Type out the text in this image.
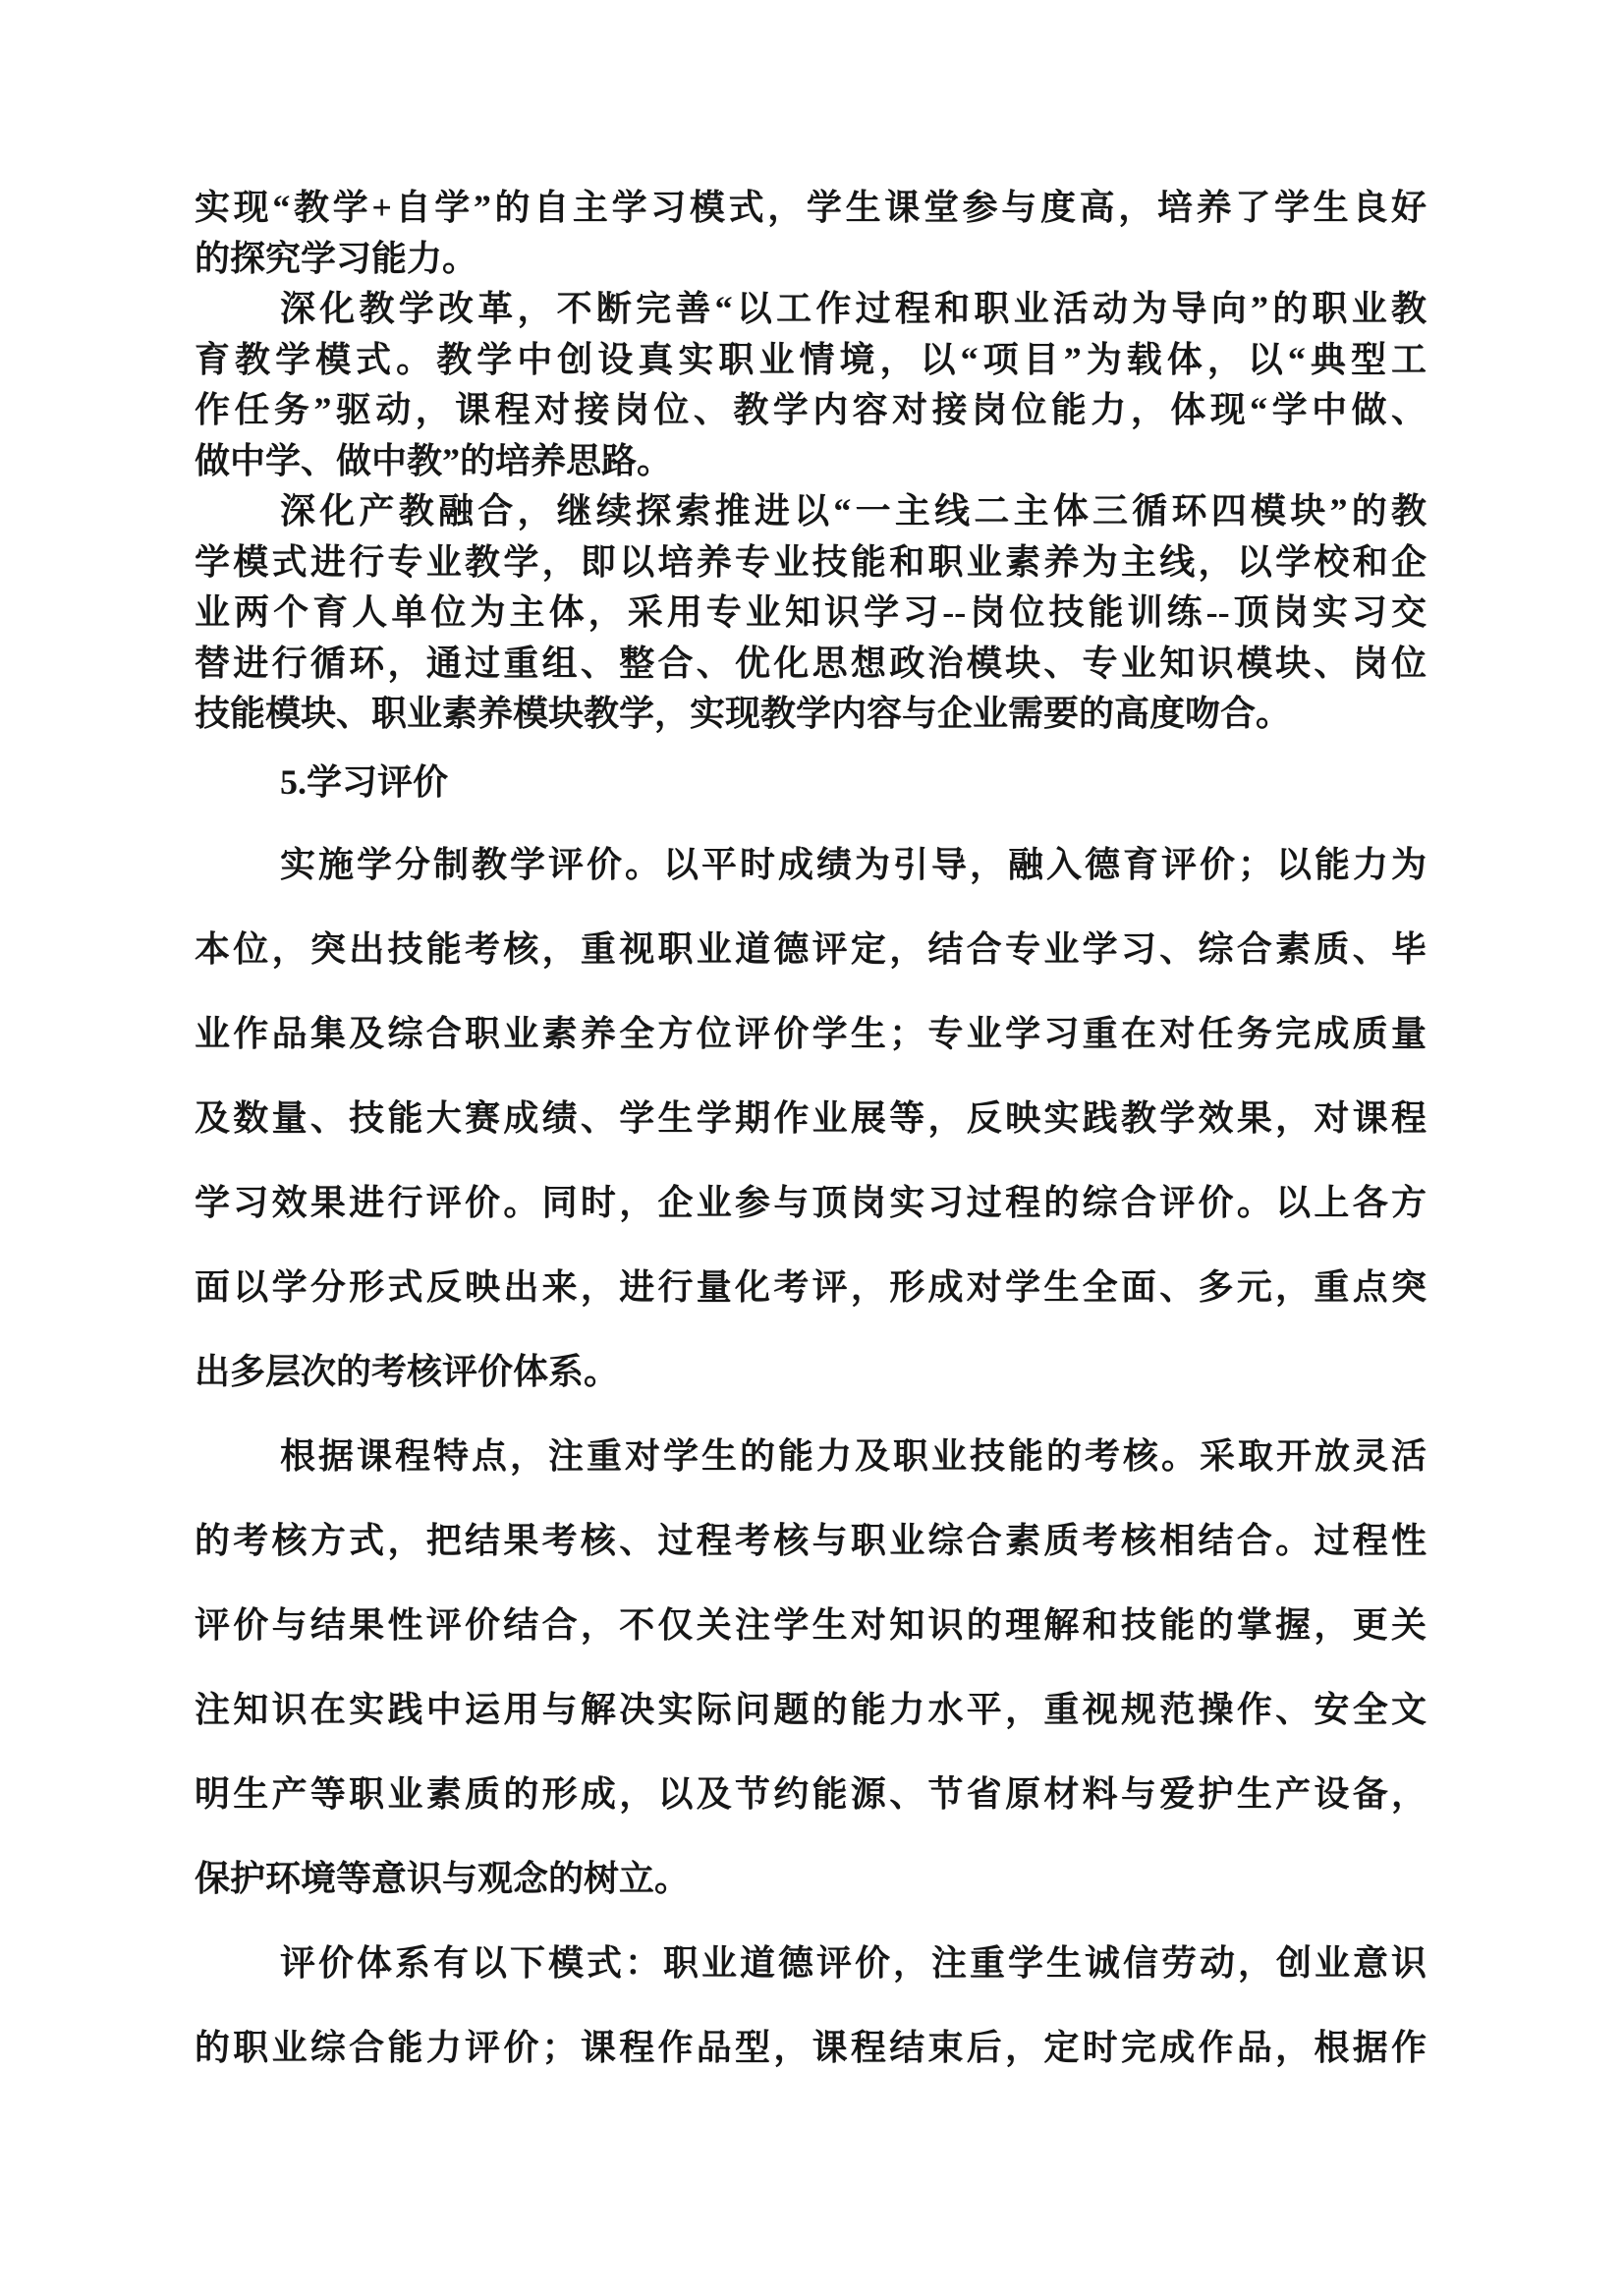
实现“教学+自学”的自主学习模式，学生课堂参与度高，培养了学生良好
的探究学习能力。
深化教学改革，不断完善“以工作过程和职业活动为导向”的职业教
育教学模式。教学中创设真实职业情境，以“项目”为载体，以“典型工
作任务”驱动，课程对接岗位、教学内容对接岗位能力，体现“学中做、
做中学、做中教”的培养思路。
深化产教融合，继续探索推进以“一主线二主体三循环四模块”的教
学模式进行专业教学，即以培养专业技能和职业素养为主线，以学校和企
业两个育人单位为主体，采用专业知识学习--岗位技能训练--顶岗实习交
替进行循环，通过重组、整合、优化思想政治模块、专业知识模块、岗位
技能模块、职业素养模块教学，实现教学内容与企业需要的高度吻合。
5.学习评价
实施学分制教学评价。以平时成绩为引导，融入德育评价；以能力为
本位，突出技能考核，重视职业道德评定，结合专业学习、综合素质、毕
业作品集及综合职业素养全方位评价学生；专业学习重在对任务完成质量
及数量、技能大赛成绩、学生学期作业展等，反映实践教学效果，对课程
学习效果进行评价。同时，企业参与顶岗实习过程的综合评价。以上各方
面以学分形式反映出来，进行量化考评，形成对学生全面、多元，重点突
出多层次的考核评价体系。
根据课程特点，注重对学生的能力及职业技能的考核。采取开放灵活
的考核方式，把结果考核、过程考核与职业综合素质考核相结合。过程性
评价与结果性评价结合，不仅关注学生对知识的理解和技能的掌握，更关
注知识在实践中运用与解决实际问题的能力水平，重视规范操作、安全文
明生产等职业素质的形成，以及节约能源、节省原材料与爱护生产设备，
保护环境等意识与观念的树立。
评价体系有以下模式：职业道德评价，注重学生诚信劳动，创业意识
的职业综合能力评价；课程作品型，课程结束后，定时完成作品，根据作
